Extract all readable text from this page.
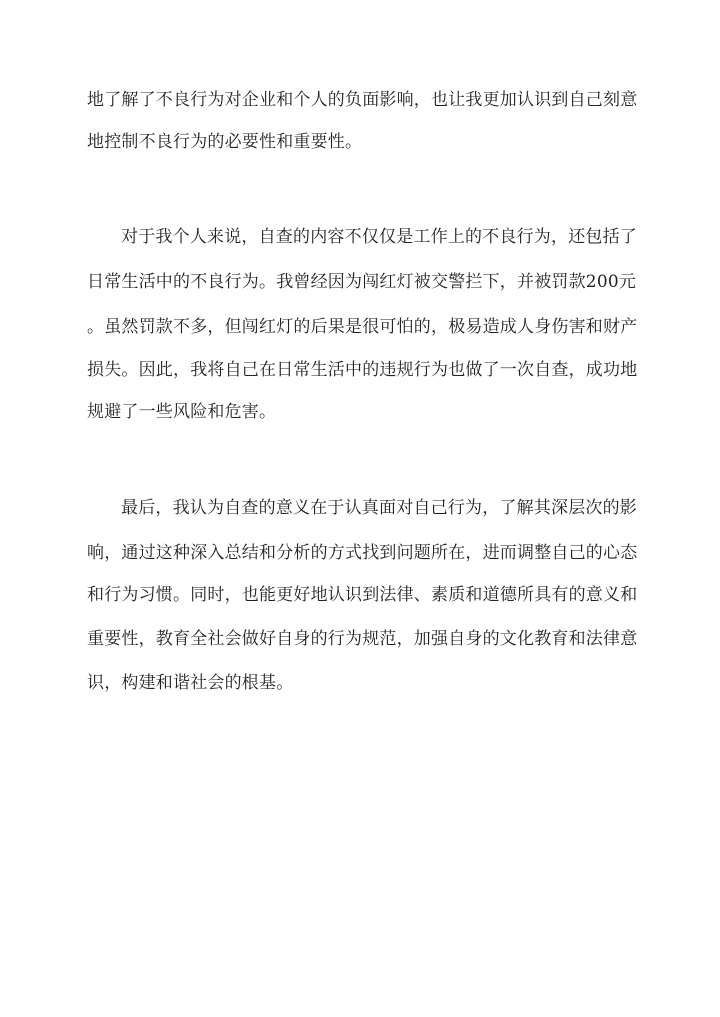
地了解了不良行为对企业和个人的负面影响，也让我更加认识到自己刻意
地控制不良行为的必要性和重要性。
对于我个人来说，自查的内容不仅仅是工作上的不良行为，还包括了
日常生活中的不良行为。我曾经因为闯红灯被交警拦下，并被罚款200元
。虽然罚款不多，但闯红灯的后果是很可怕的，极易造成人身伤害和财产
损失。因此，我将自己在日常生活中的违规行为也做了一次自查，成功地
规避了一些风险和危害。
最后，我认为自查的意义在于认真面对自己行为，了解其深层次的影
响，通过这种深入总结和分析的方式找到问题所在，进而调整自己的心态
和行为习惯。同时，也能更好地认识到法律、素质和道德所具有的意义和
重要性，教育全社会做好自身的行为规范，加强自身的文化教育和法律意
识，构建和谐社会的根基。
